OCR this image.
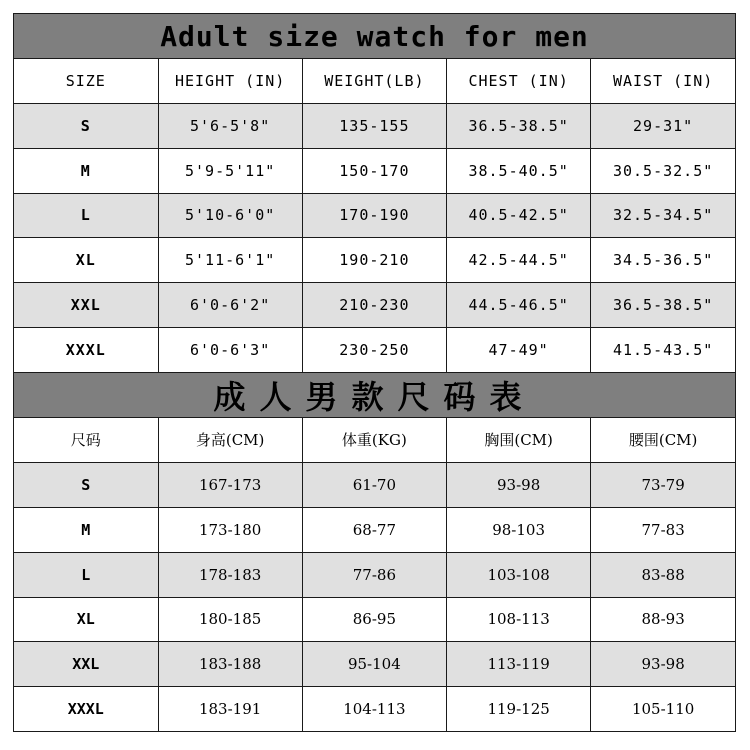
Adult size watch for men
SIZE	HEIGHT (IN)	WEIGHT(LB)	CHEST (IN)	WAIST (IN)
S	5'6-5'8"	135-155	36.5-38.5"	29-31"
M	5'9-5'11"	150-170	38.5-40.5"	30.5-32.5"
L	5'10-6'0"	170-190	40.5-42.5"	32.5-34.5"
XL	5'11-6'1"	190-210	42.5-44.5"	34.5-36.5"
XXL	6'0-6'2"	210-230	44.5-46.5"	36.5-38.5"
XXXL	6'0-6'3"	230-250	47-49"	41.5-43.5"
成人男款尺码表
尺码	身高(CM)	体重(KG)	胸围(CM)	腰围(CM)
S	167-173	61-70	93-98	73-79
M	173-180	68-77	98-103	77-83
L	178-183	77-86	103-108	83-88
XL	180-185	86-95	108-113	88-93
XXL	183-188	95-104	113-119	93-98
XXXL	183-191	104-113	119-125	105-110
